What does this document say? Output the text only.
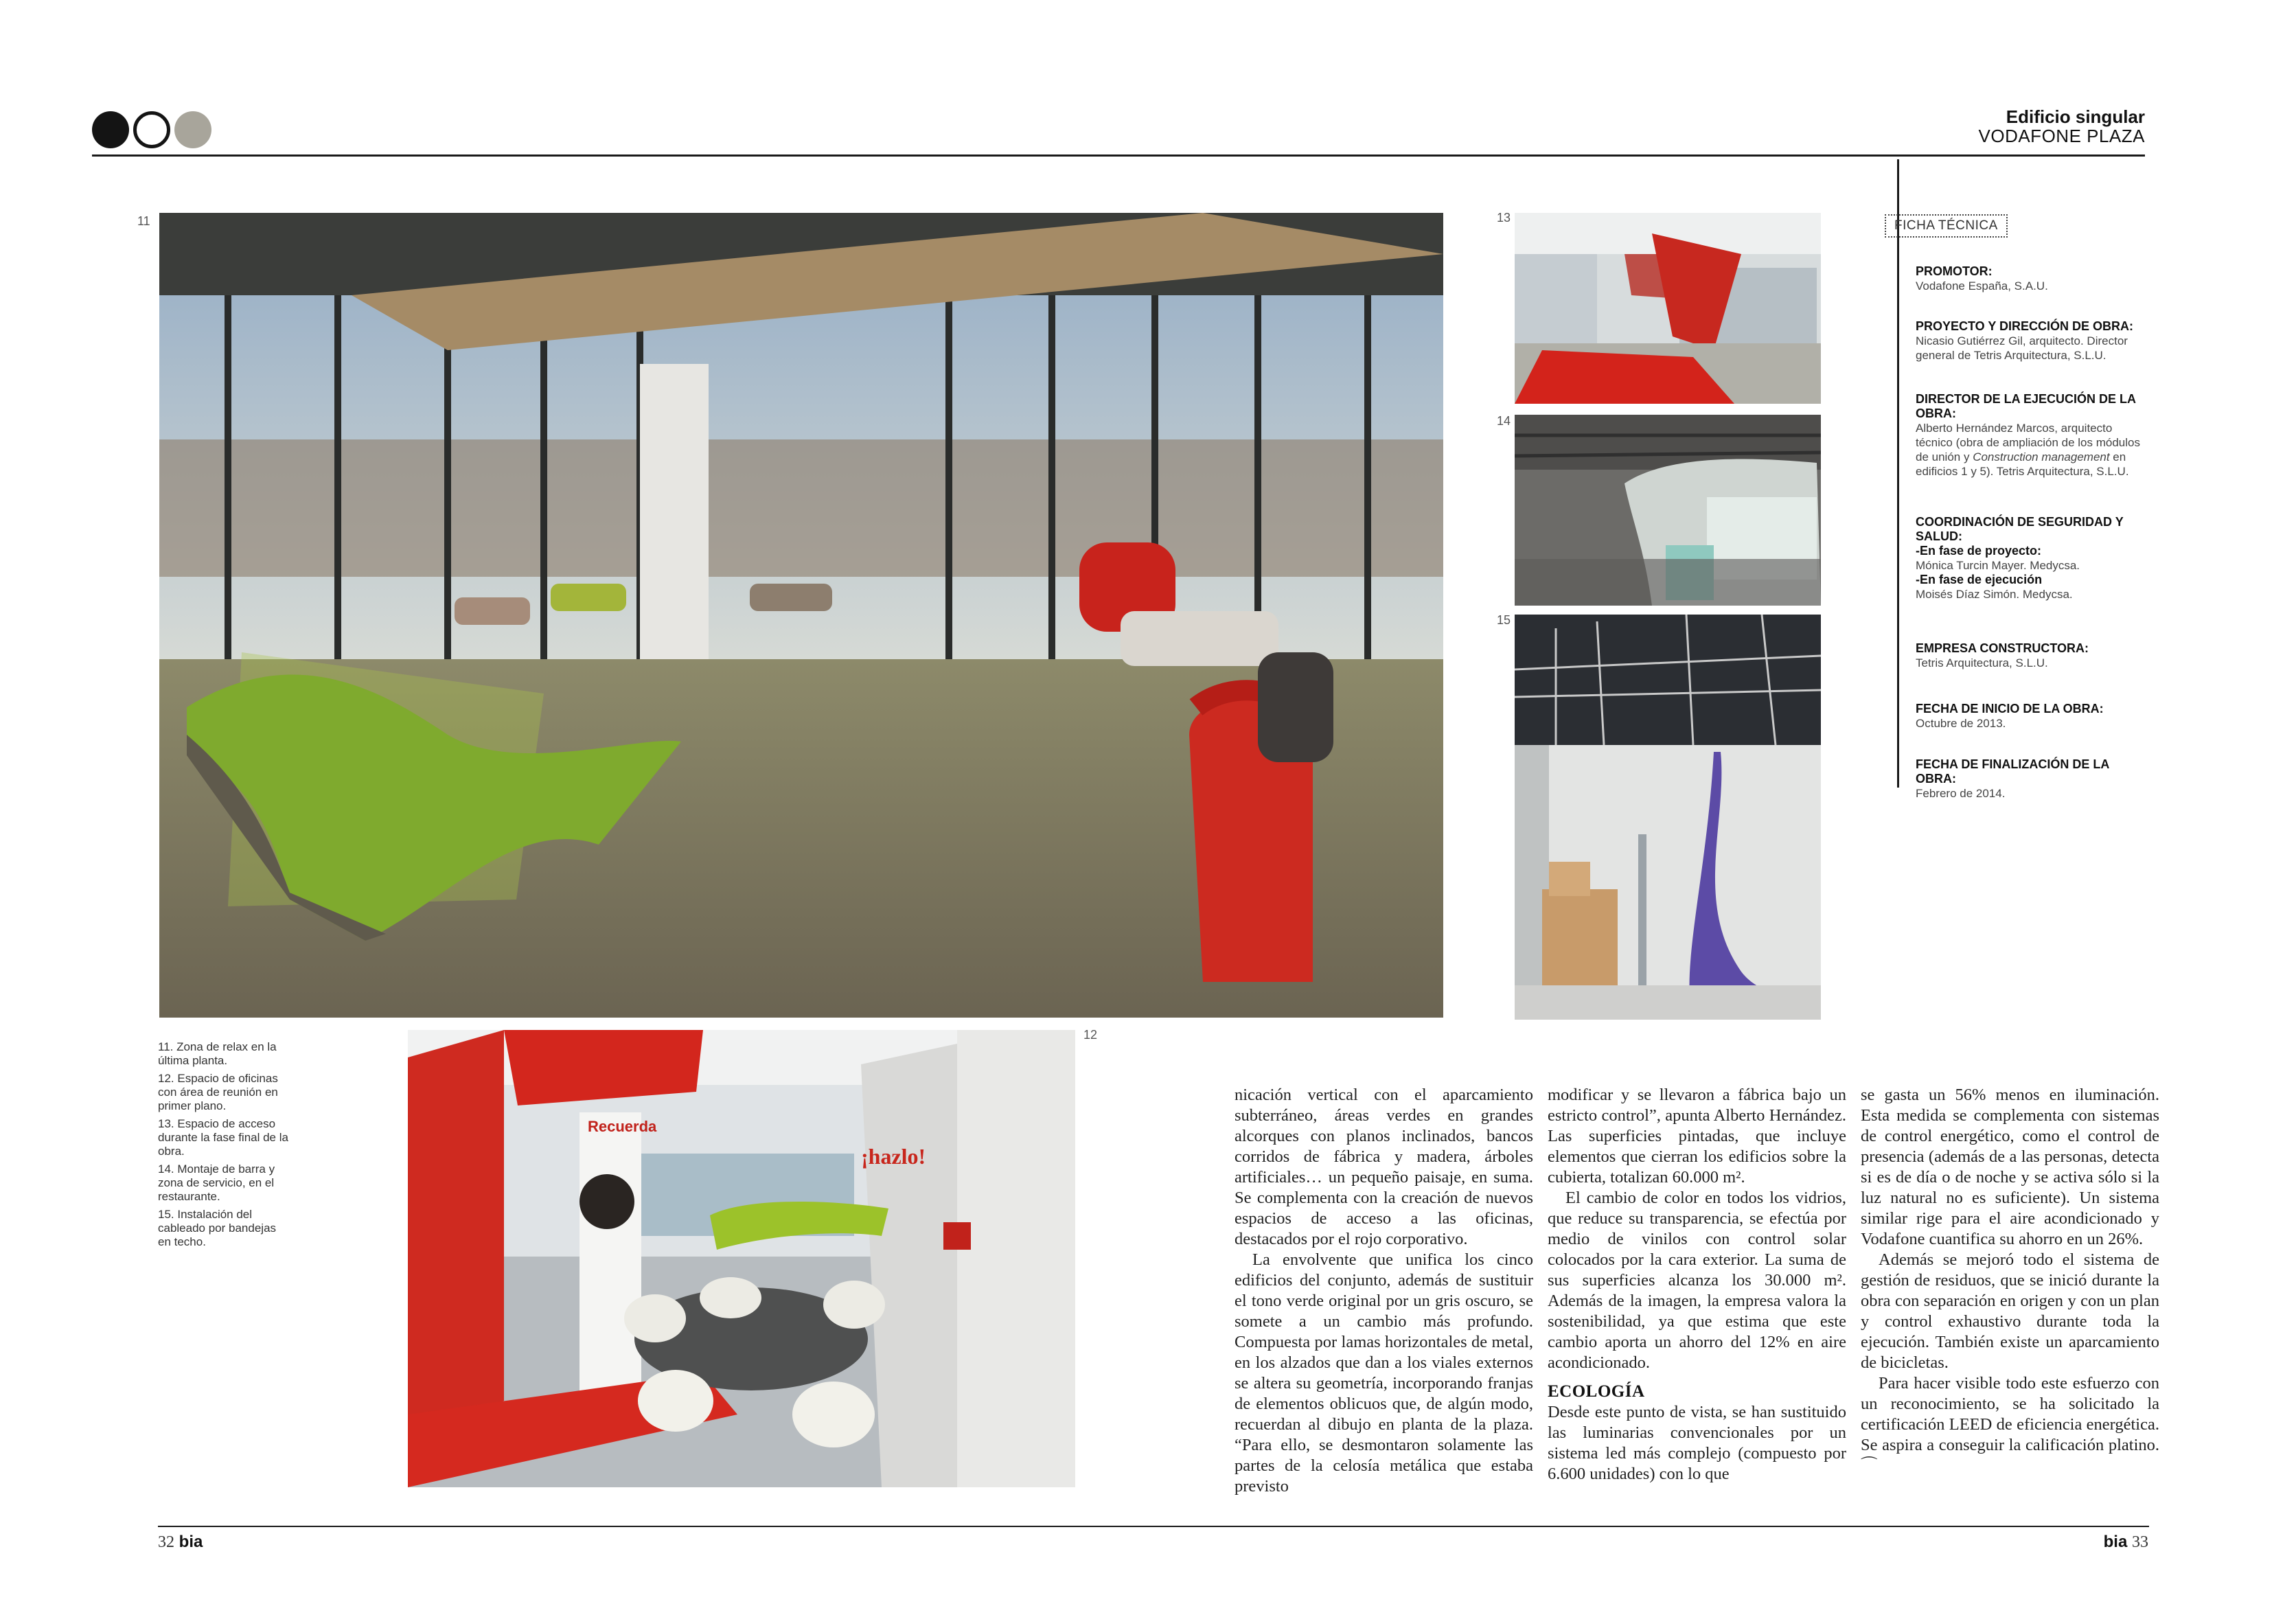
Edificio singular
VODAFONE PLAZA
11
12
Recuerda
¡hazlo!
13
14
15

11. Zona de relax en la última planta.

12. Espacio de oficinas con área de reunión en primer plano.

13. Espacio de acceso durante la fase final de la obra.

14. Montaje de barra y zona de servicio, en el restaurante.

15. Instalación del cableado por bandejas en techo.

FICHA TÉCNICA
PROMOTOR:
Vodafone España, S.A.U.
PROYECTO Y DIRECCIÓN DE OBRA:
Nicasio Gutiérrez Gil, arquitecto. Director general de Tetris Arquitectura, S.L.U.
DIRECTOR DE LA EJECUCIÓN DE LA OBRA:
Alberto Hernández Marcos, arquitecto técnico (obra de ampliación de los módulos de unión y Construction management en edificios 1 y 5). Tetris Arquitectura, S.L.U.
COORDINACIÓN DE SEGURIDAD Y SALUD:
-En fase de proyecto:
Mónica Turcin Mayer. Medycsa.
-En fase de ejecución
Moisés Díaz Simón. Medycsa.
EMPRESA CONSTRUCTORA:
Tetris Arquitectura, S.L.U.
FECHA DE INICIO DE LA OBRA:
Octubre de 2013.
FECHA DE FINALIZACIÓN DE LA OBRA:
Febrero de 2014.

nicación vertical con el aparcamiento subterráneo, áreas verdes en grandes alcorques con planos inclinados, bancos corridos de fábrica y madera, árboles artificiales… un pequeño paisaje, en suma. Se complementa con la creación de nuevos espacios de acceso a las oficinas, destacados por el rojo corporativo.

La envolvente que unifica los cinco edificios del conjunto, además de sustituir el tono verde original por un gris oscuro, se somete a un cambio más profundo. Compuesta por lamas horizontales de metal, en los alzados que dan a los viales externos se altera su geometría, incorporando franjas de elementos oblicuos que, de algún modo, recuerdan al dibujo en planta de la plaza. “Para ello, se desmontaron solamente las partes de la celosía metálica que estaba previsto

modificar y se llevaron a fábrica bajo un estricto control”, apunta Alberto Hernández. Las superficies pintadas, que incluye elementos que cierran los edificios sobre la cubierta, totalizan 60.000 m².

El cambio de color en todos los vidrios, que reduce su transparencia, se efectúa por medio de vinilos con control solar colocados por la cara exterior. La suma de sus superficies alcanza los 30.000 m². Además de la imagen, la empresa valora la sostenibilidad, ya que estima que este cambio aporta un ahorro del 12% en aire acondicionado.

ECOLOGÍA

Desde este punto de vista, se han sustituido las luminarias convencionales por un sistema led más complejo (compuesto por 6.600 unidades) con lo que

se gasta un 56% menos en iluminación. Esta medida se complementa con sistemas de control energético, como el control de presencia (además de a las personas, detecta si es de día o de noche y se activa sólo si la luz natural no es suficiente). Un sistema similar rige para el aire acondicionado y Vodafone cuantifica su ahorro en un 26%.

Además se mejoró todo el sistema de gestión de residuos, que se inició durante la obra con separación en origen y con un plan y control exhaustivo durante toda la ejecución. También existe un aparcamiento de bicicletas.

Para hacer visible todo este esfuerzo con un reconocimiento, se ha solicitado la certificación LEED de eficiencia energética. Se aspira a conseguir la calificación platino. ⌒

32 bia	bia 33
